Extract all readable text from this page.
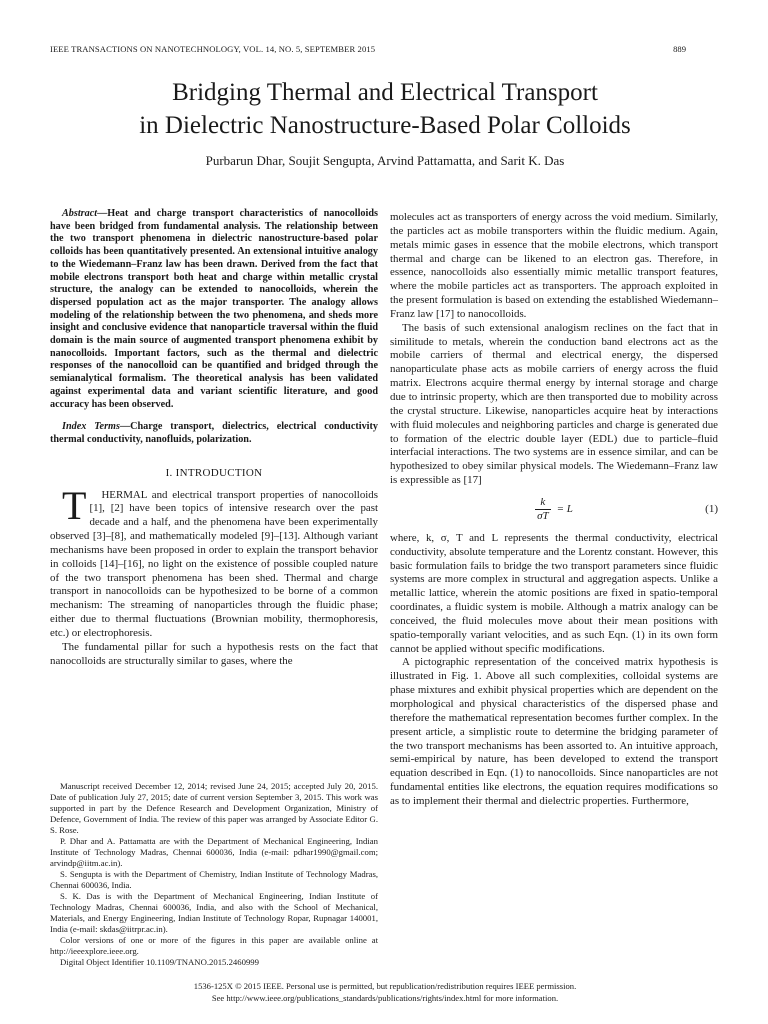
IEEE TRANSACTIONS ON NANOTECHNOLOGY, VOL. 14, NO. 5, SEPTEMBER 2015	889
Bridging Thermal and Electrical Transport
in Dielectric Nanostructure-Based Polar Colloids
Purbarun Dhar, Soujit Sengupta, Arvind Pattamatta, and Sarit K. Das

Abstract—Heat and charge transport characteristics of nanocolloids have been bridged from fundamental analysis. The relationship between the two transport phenomena in dielectric nanostructure-based polar colloids has been quantitatively presented. An extensional intuitive analogy to the Wiedemann–Franz law has been drawn. Derived from the fact that mobile electrons transport both heat and charge within metallic crystal structure, the analogy can be extended to nanocolloids, wherein the dispersed population act as the major transporter. The analogy allows modeling of the relationship between the two phenomena, and sheds more insight and conclusive evidence that nanoparticle traversal within the fluid domain is the main source of augmented transport phenomena exhibit by nanocolloids. Important factors, such as the thermal and dielectric responses of the nanocolloid can be quantified and bridged through the semianalytical formalism. The theoretical analysis has been validated against experimental data and variant scientific literature, and good accuracy has been observed.

Index Terms—Charge transport, dielectrics, electrical conductivity thermal conductivity, nanofluids, polarization.

I. INTRODUCTION

T HERMAL and electrical transport properties of nanocolloids [1], [2] have been topics of intensive research over the past decade and a half, and the phenomena have been experimentally observed [3]–[8], and mathematically modeled [9]–[13]. Although variant mechanisms have been proposed in order to explain the transport behavior in colloids [14]–[16], no light on the existence of possible coupled nature of the two transport phenomena has been shed. Thermal and charge transport in nanocolloids can be hypothesized to be borne of a common mechanism: The streaming of nanoparticles through the fluidic phase; either due to thermal fluctuations (Brownian mobility, thermophoresis, etc.) or electrophoresis.

The fundamental pillar for such a hypothesis rests on the fact that nanocolloids are structurally similar to gases, where the

Manuscript received December 12, 2014; revised June 24, 2015; accepted July 20, 2015. Date of publication July 27, 2015; date of current version September 3, 2015. This work was supported in part by the Defence Research and Development Organization, Ministry of Defence, Government of India. The review of this paper was arranged by Associate Editor G. S. Rose.

P. Dhar and A. Pattamatta are with the Department of Mechanical Engineering, Indian Institute of Technology Madras, Chennai 600036, India (e-mail: pdhar1990@gmail.com; arvindp@iitm.ac.in).

S. Sengupta is with the Department of Chemistry, Indian Institute of Technology Madras, Chennai 600036, India.

S. K. Das is with the Department of Mechanical Engineering, Indian Institute of Technology Madras, Chennai 600036, India, and also with the School of Mechanical, Materials, and Energy Engineering, Indian Institute of Technology Ropar, Rupnagar 140001, India (e-mail: skdas@iitrpr.ac.in).

Color versions of one or more of the figures in this paper are available online at http://ieeexplore.ieee.org.

Digital Object Identifier 10.1109/TNANO.2015.2460999

molecules act as transporters of energy across the void medium. Similarly, the particles act as mobile transporters within the fluidic medium. Again, metals mimic gases in essence that the mobile electrons, which transport thermal and charge can be likened to an electron gas. Therefore, in essence, nanocolloids also essentially mimic metallic transport features, where the mobile particles act as transporters. The approach exploited in the present formulation is based on extending the established Wiedemann–Franz law [17] to nanocolloids.

The basis of such extensional analogism reclines on the fact that in similitude to metals, wherein the conduction band electrons act as the mobile carriers of thermal and electrical energy, the dispersed nanoparticulate phase acts as mobile carriers of energy across the fluid matrix. Electrons acquire thermal energy by internal storage and charge due to intrinsic property, which are then transported due to mobility across the crystal structure. Likewise, nanoparticles acquire heat by interactions with fluid molecules and neighboring particles and charge is generated due to formation of the electric double layer (EDL) due to particle–fluid interfacial interactions. The two systems are in essence similar, and can be hypothesized to obey similar physical models. The Wiedemann–Franz law is expressible as [17]

$\frac{k}{\sigma T} = L$	(1)

where, k, σ, T and L represents the thermal conductivity, electrical conductivity, absolute temperature and the Lorentz constant. However, this basic formulation fails to bridge the two transport parameters since fluidic systems are more complex in structural and aggregation aspects. Unlike a metallic lattice, wherein the atomic positions are fixed in spatio-temporal coordinates, a fluidic system is mobile. Although a matrix analogy can be conceived, the fluid molecules move about their mean positions with spatio-temporally variant velocities, and as such Eqn. (1) in its own form cannot be applied without specific modifications.

A pictographic representation of the conceived matrix hypothesis is illustrated in Fig. 1. Above all such complexities, colloidal systems are phase mixtures and exhibit physical properties which are dependent on the morphological and physical characteristics of the dispersed phase and therefore the mathematical representation becomes further complex. In the present article, a simplistic route to determine the bridging parameter of the two transport mechanisms has been assorted to. An intuitive approach, semi-empirical by nature, has been developed to extend the transport equation described in Eqn. (1) to nanocolloids. Since nanoparticles are not fundamental entities like electrons, the equation requires modifications so as to implement their thermal and dielectric properties. Furthermore,

1536-125X © 2015 IEEE. Personal use is permitted, but republication/redistribution requires IEEE permission.
See http://www.ieee.org/publications_standards/publications/rights/index.html for more information.
